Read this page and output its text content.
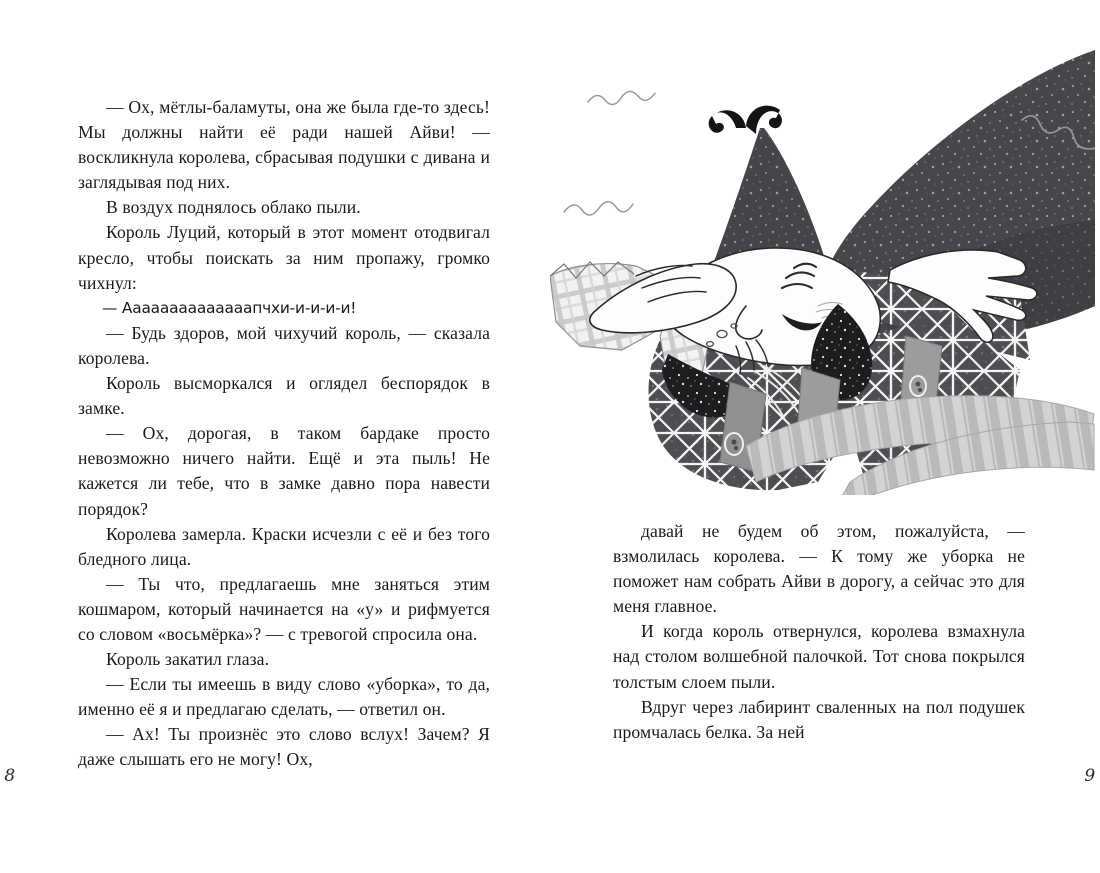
— Ох, мётлы-баламуты, она же была где-то здесь! Мы должны найти её ради нашей Айви! — воскликнула королева, сбрасывая подушки с дивана и заглядывая под них.

В воздух поднялось облако пыли.

Король Луций, который в этот момент отодвигал кресло, чтобы поискать за ним пропажу, громко чихнул:

— Аааааааааааааапчхи-и-и-и-и!

— Будь здоров, мой чихучий король, — сказала королева.

Король высморкался и оглядел беспорядок в замке.

— Ох, дорогая, в таком бардаке просто невозможно ничего найти. Ещё и эта пыль! Не кажется ли тебе, что в замке давно пора навести порядок?

Королева замерла. Краски исчезли с её и без того бледного лица.

— Ты что, предлагаешь мне заняться этим кошмаром, который начинается на «у» и рифмуется со словом «восьмёрка»? — с тревогой спросила она.

Король закатил глаза.

— Если ты имеешь в виду слово «уборка», то да, именно её я и предлагаю сделать, — ответил он.

— Ах! Ты произнёс это слово вслух! Зачем? Я даже слышать его не могу! Ох,

8

давай не будем об этом, пожалуйста, — взмолилась королева. — К тому же уборка не поможет нам собрать Айви в дорогу, а сейчас это для меня главное.

И когда король отвернулся, королева взмахнула над столом волшебной палочкой. Тот снова покрылся толстым слоем пыли.

Вдруг через лабиринт сваленных на пол подушек промчалась белка. За ней

9
